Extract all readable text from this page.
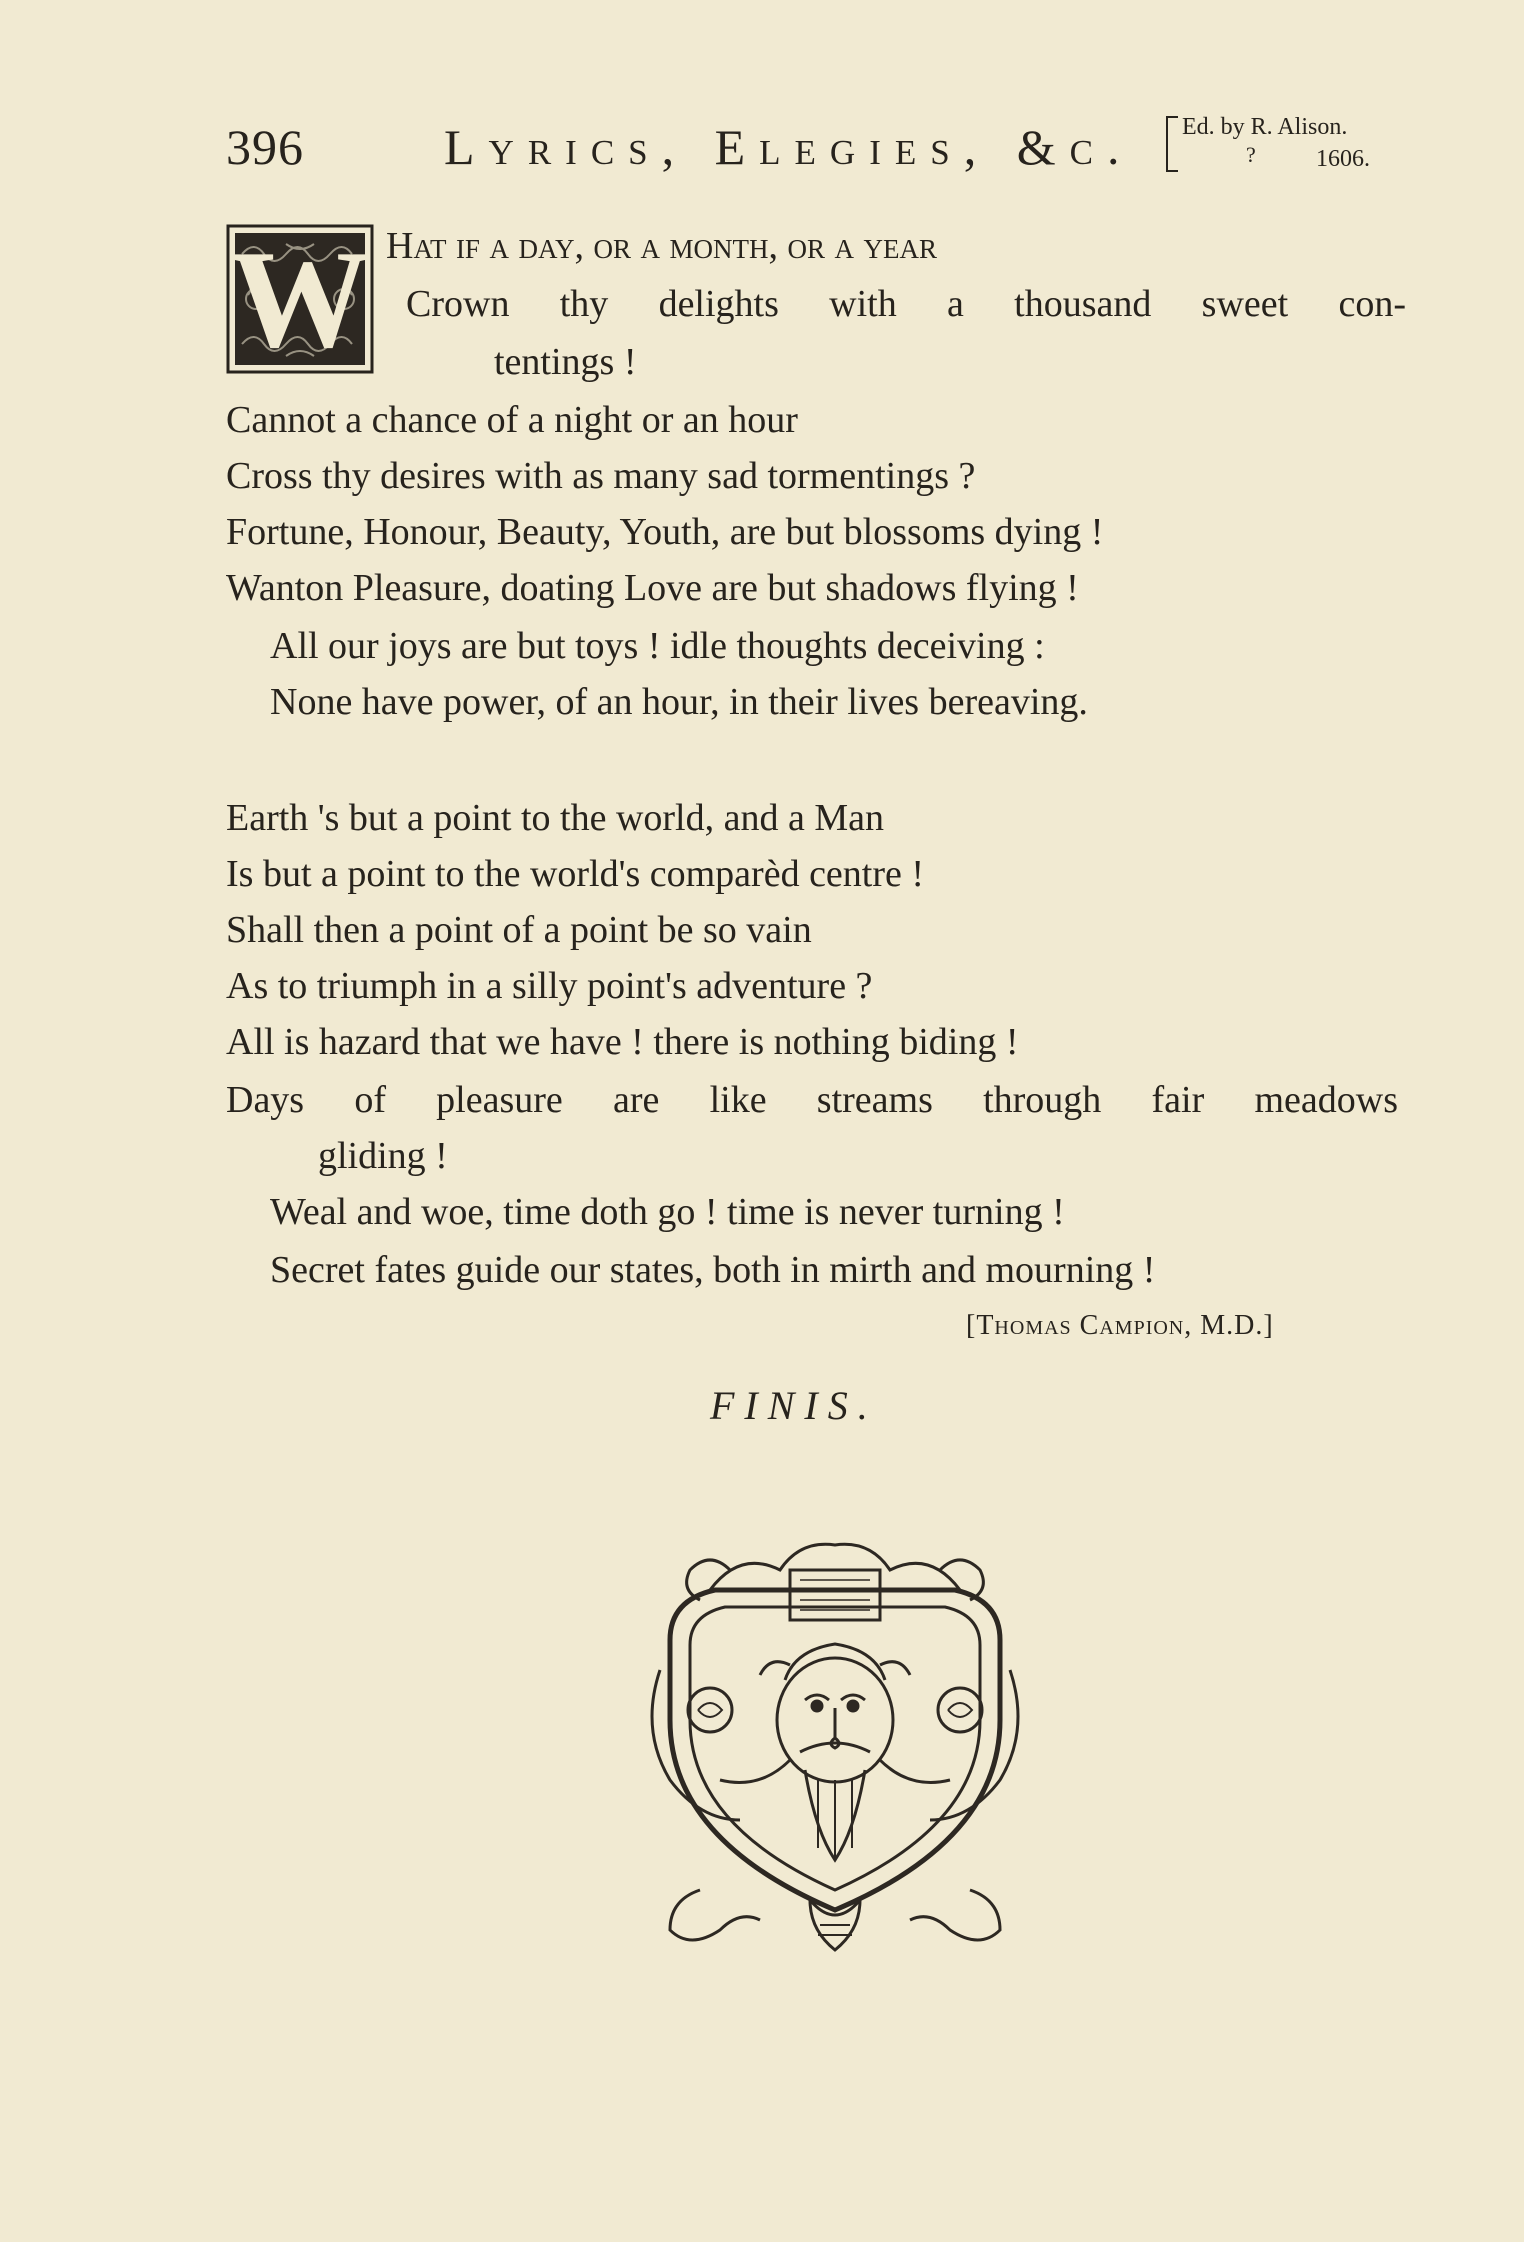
396	Lyrics, Elegies, &c. Ed. by R. Alison.
?	1606.
W Hat if a day, or a month, or a year
Crown thy delights with a thousand sweet con-
tentings !
Cannot a chance of a night or an hour
Cross thy desires with as many sad tormentings ?
Fortune, Honour, Beauty, Youth, are but blossoms dying !
Wanton Pleasure, doating Love are but shadows flying !
All our joys are but toys ! idle thoughts deceiving :
None have power, of an hour, in their lives bereaving.
Earth 's but a point to the world, and a Man
Is but a point to the world's comparèd centre !
Shall then a point of a point be so vain
As to triumph in a silly point's adventure ?
All is hazard that we have ! there is nothing biding !
Days of pleasure are like streams through fair meadows
gliding !
Weal and woe, time doth go ! time is never turning !
Secret fates guide our states, both in mirth and mourning !
[Thomas Campion, M.D.]
FINIS.
